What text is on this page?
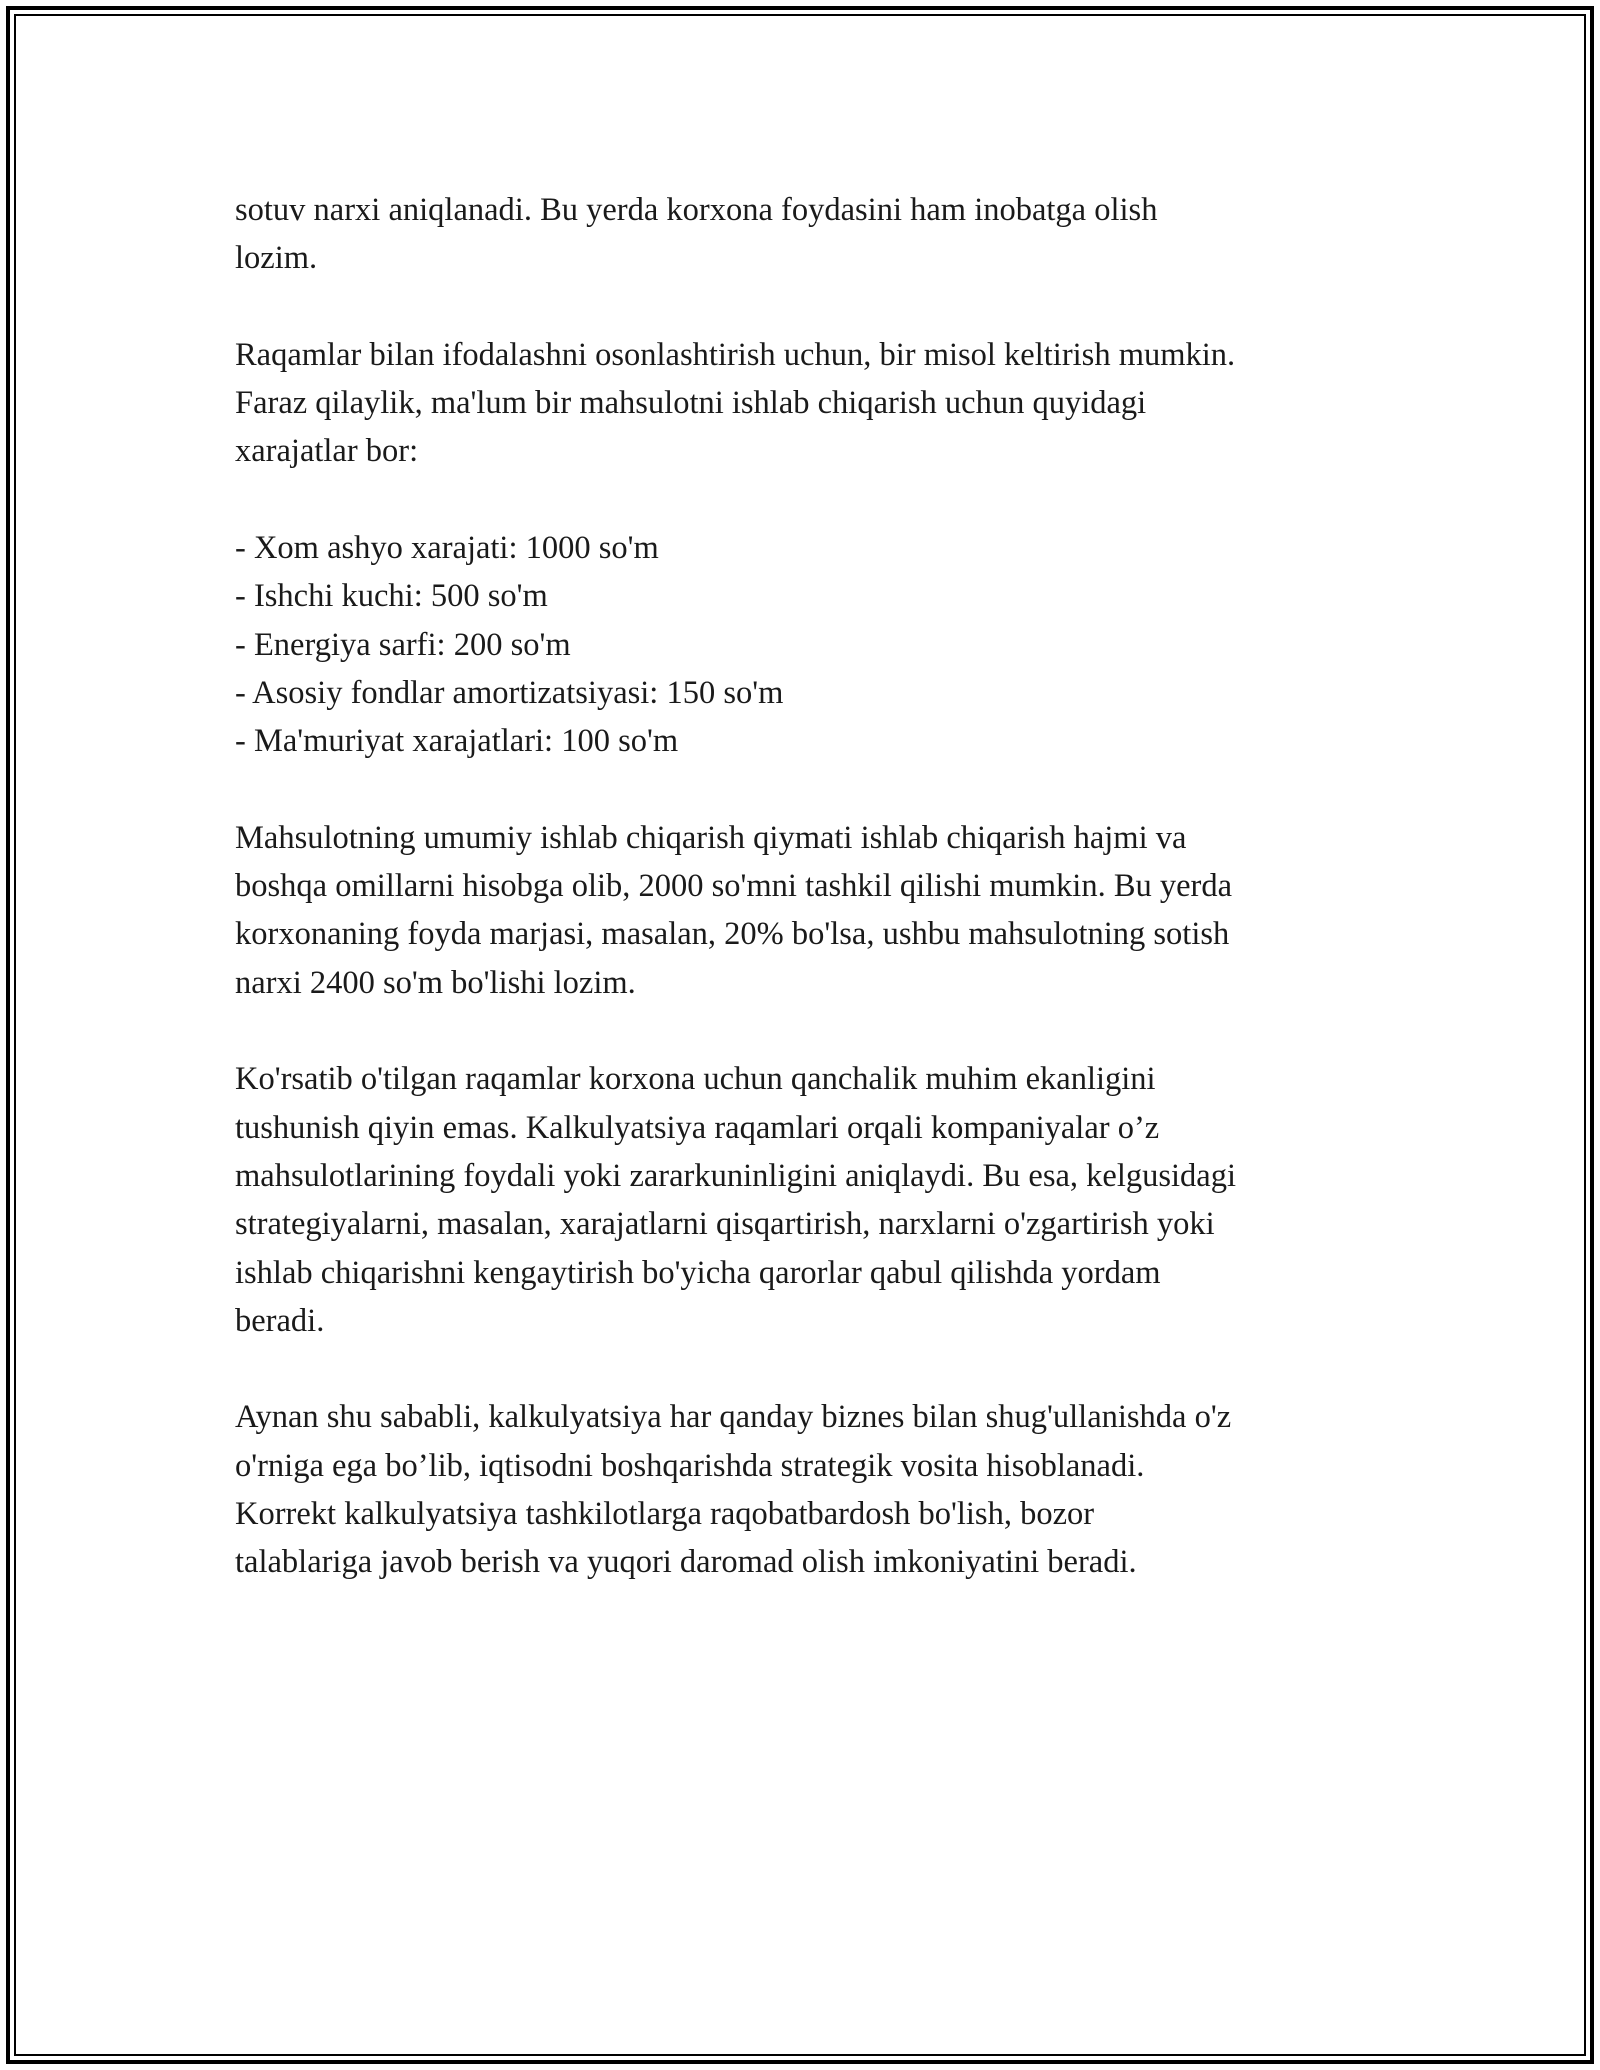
sotuv narxi aniqlanadi. Bu yerda korxona foydasini ham inobatga olish
lozim.

Raqamlar bilan ifodalashni osonlashtirish uchun, bir misol keltirish mumkin.
Faraz qilaylik, ma'lum bir mahsulotni ishlab chiqarish uchun quyidagi
xarajatlar bor:

- Xom ashyo xarajati: 1000 so'm
- Ishchi kuchi: 500 so'm
- Energiya sarfi: 200 so'm
- Asosiy fondlar amortizatsiyasi: 150 so'm
- Ma'muriyat xarajatlari: 100 so'm

Mahsulotning umumiy ishlab chiqarish qiymati ishlab chiqarish hajmi va
boshqa omillarni hisobga olib, 2000 so'mni tashkil qilishi mumkin. Bu yerda
korxonaning foyda marjasi, masalan, 20% bo'lsa, ushbu mahsulotning sotish
narxi 2400 so'm bo'lishi lozim.

Ko'rsatib o'tilgan raqamlar korxona uchun qanchalik muhim ekanligini
tushunish qiyin emas. Kalkulyatsiya raqamlari orqali kompaniyalar o’z
mahsulotlarining foydali yoki zararkuninligini aniqlaydi. Bu esa, kelgusidagi
strategiyalarni, masalan, xarajatlarni qisqartirish, narxlarni o'zgartirish yoki
ishlab chiqarishni kengaytirish bo'yicha qarorlar qabul qilishda yordam
beradi.

Aynan shu sababli, kalkulyatsiya har qanday biznes bilan shug'ullanishda o'z
o'rniga ega bo’lib, iqtisodni boshqarishda strategik vosita hisoblanadi.
Korrekt kalkulyatsiya tashkilotlarga raqobatbardosh bo'lish, bozor
talablariga javob berish va yuqori daromad olish imkoniyatini beradi.
